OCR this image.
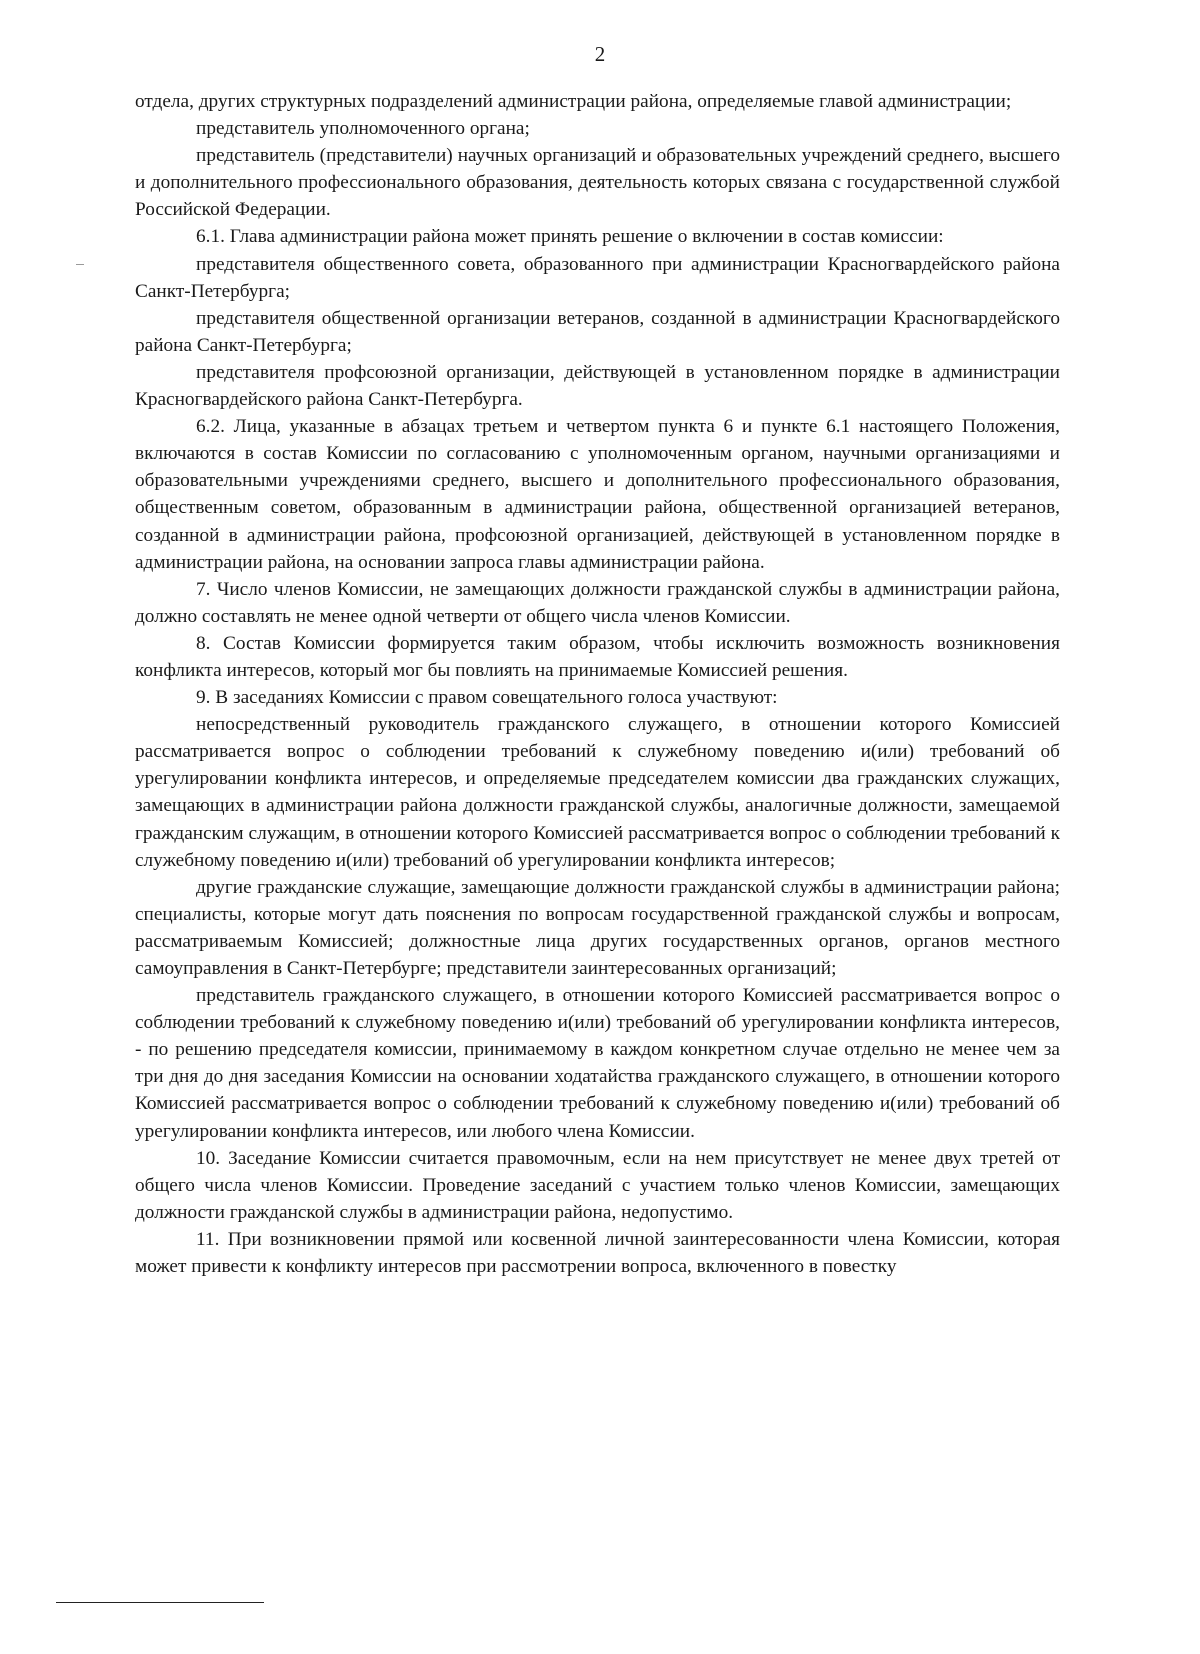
2

отдела, других структурных подразделений администрации района, определяемые главой администрации;

представитель уполномоченного органа;

представитель (представители) научных организаций и образовательных учреждений среднего, высшего и дополнительного профессионального образования, деятельность которых связана с государственной службой Российской Федерации.

6.1. Глава администрации района может принять решение о включении в состав комиссии:

представителя общественного совета, образованного при администрации Красногвардейского района Санкт-Петербурга;

представителя общественной организации ветеранов, созданной в администрации Красногвардейского района Санкт-Петербурга;

представителя профсоюзной организации, действующей в установленном порядке в администрации Красногвардейского района Санкт-Петербурга.

6.2. Лица, указанные в абзацах третьем и четвертом пункта 6 и пункте 6.1 настоящего Положения, включаются в состав Комиссии по согласованию с уполномоченным органом, научными организациями и образовательными учреждениями среднего, высшего и дополнительного профессионального образования, общественным советом, образованным в администрации района, общественной организацией ветеранов, созданной в администрации района, профсоюзной организацией, действующей в установленном порядке в администрации района, на основании запроса главы администрации района.

7. Число членов Комиссии, не замещающих должности гражданской службы в администрации района, должно составлять не менее одной четверти от общего числа членов Комиссии.

8. Состав Комиссии формируется таким образом, чтобы исключить возможность возникновения конфликта интересов, который мог бы повлиять на принимаемые Комиссией решения.

9. В заседаниях Комиссии с правом совещательного голоса участвуют:

непосредственный руководитель гражданского служащего, в отношении которого Комиссией рассматривается вопрос о соблюдении требований к служебному поведению и(или) требований об урегулировании конфликта интересов, и определяемые председателем комиссии два гражданских служащих, замещающих в администрации района должности гражданской службы, аналогичные должности, замещаемой гражданским служащим, в отношении которого Комиссией рассматривается вопрос о соблюдении требований к служебному поведению и(или) требований об урегулировании конфликта интересов;

другие гражданские служащие, замещающие должности гражданской службы в администрации района; специалисты, которые могут дать пояснения по вопросам государственной гражданской службы и вопросам, рассматриваемым Комиссией; должностные лица других государственных органов, органов местного самоуправления в Санкт-Петербурге; представители заинтересованных организаций;

представитель гражданского служащего, в отношении которого Комиссией рассматривается вопрос о соблюдении требований к служебному поведению и(или) требований об урегулировании конфликта интересов, - по решению председателя комиссии, принимаемому в каждом конкретном случае отдельно не менее чем за три дня до дня заседания Комиссии на основании ходатайства гражданского служащего, в отношении которого Комиссией рассматривается вопрос о соблюдении требований к служебному поведению и(или) требований об урегулировании конфликта интересов, или любого члена Комиссии.

10. Заседание Комиссии считается правомочным, если на нем присутствует не менее двух третей от общего числа членов Комиссии. Проведение заседаний с участием только членов Комиссии, замещающих должности гражданской службы в администрации района, недопустимо.

11. При возникновении прямой или косвенной личной заинтересованности члена Комиссии, которая может привести к конфликту интересов при рассмотрении вопроса, включенного в повестку
